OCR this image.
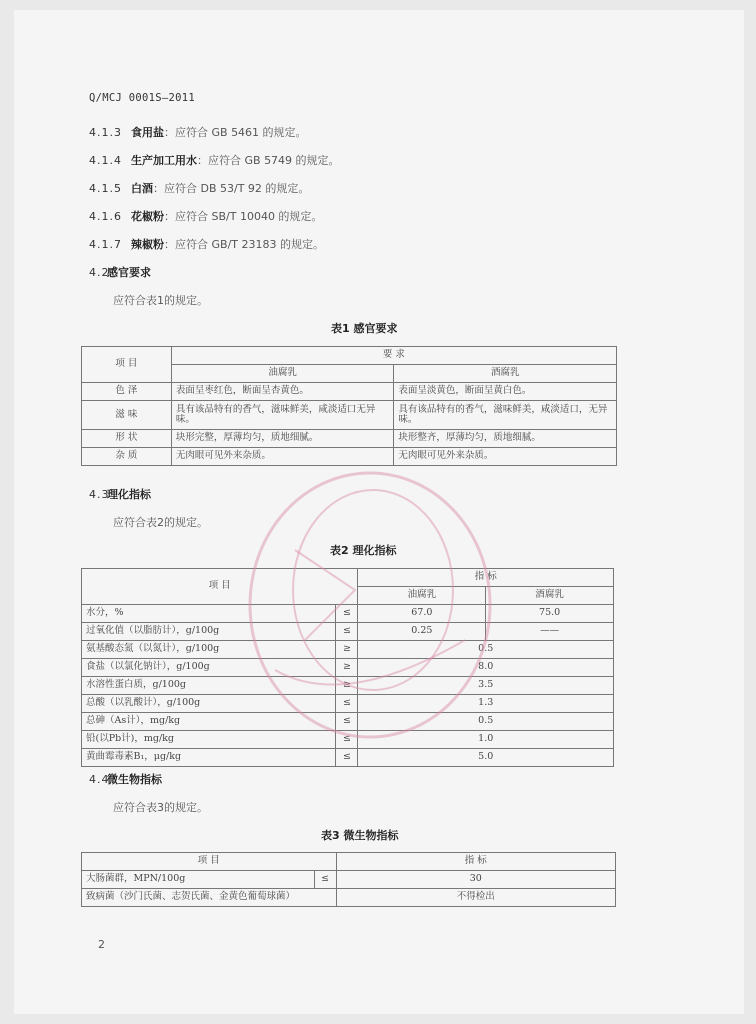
Q/MCJ 0001S—2011
4.1.3 食用盐：应符合 GB 5461 的规定。
4.1.4 生产加工用水：应符合 GB 5749 的规定。
4.1.5 白酒：应符合 DB 53/T 92 的规定。
4.1.6 花椒粉：应符合 SB/T 10040 的规定。
4.1.7 辣椒粉：应符合 GB/T 23183 的规定。
4.2感官要求
应符合表1的规定。
表1 感官要求
项 目	要 求	
	油腐乳	酒腐乳
色 泽	表面呈枣红色，断面呈杏黄色。	表面呈淡黄色，断面呈黄白色。
滋 味	具有该品特有的香气，滋味鲜美，咸淡适口无异味。	具有该品特有的香气，滋味鲜美，咸淡适口，无异味。
形 状	块形完整，厚薄均匀，质地细腻。	块形整齐，厚薄均匀，质地细腻。
杂 质	无肉眼可见外来杂质。	无肉眼可见外来杂质。
4.3理化指标
应符合表2的规定。
表2 理化指标
项 目		指 标	
		油腐乳	酒腐乳
水分，%	≤	67.0	75.0
过氧化值（以脂肪计），g/100g	≤	0.25	——
氨基酸态氮（以氮计），g/100g	≥	0.5	
食盐（以氯化钠计），g/100g	≥	8.0	
水溶性蛋白质，g/100g	≥	3.5	
总酸（以乳酸计），g/100g	≤	1.3	
总砷（As计），mg/kg	≤	0.5	
铅(以Pb计)，mg/kg	≤	1.0	
黄曲霉毒素B₁，μg/kg	≤	5.0	
4.4微生物指标
应符合表3的规定。
表3 微生物指标
项 目		指 标
大肠菌群，MPN/100g	≤	30
致病菌（沙门氏菌、志贺氏菌、金黄色葡萄球菌）		不得检出
2
